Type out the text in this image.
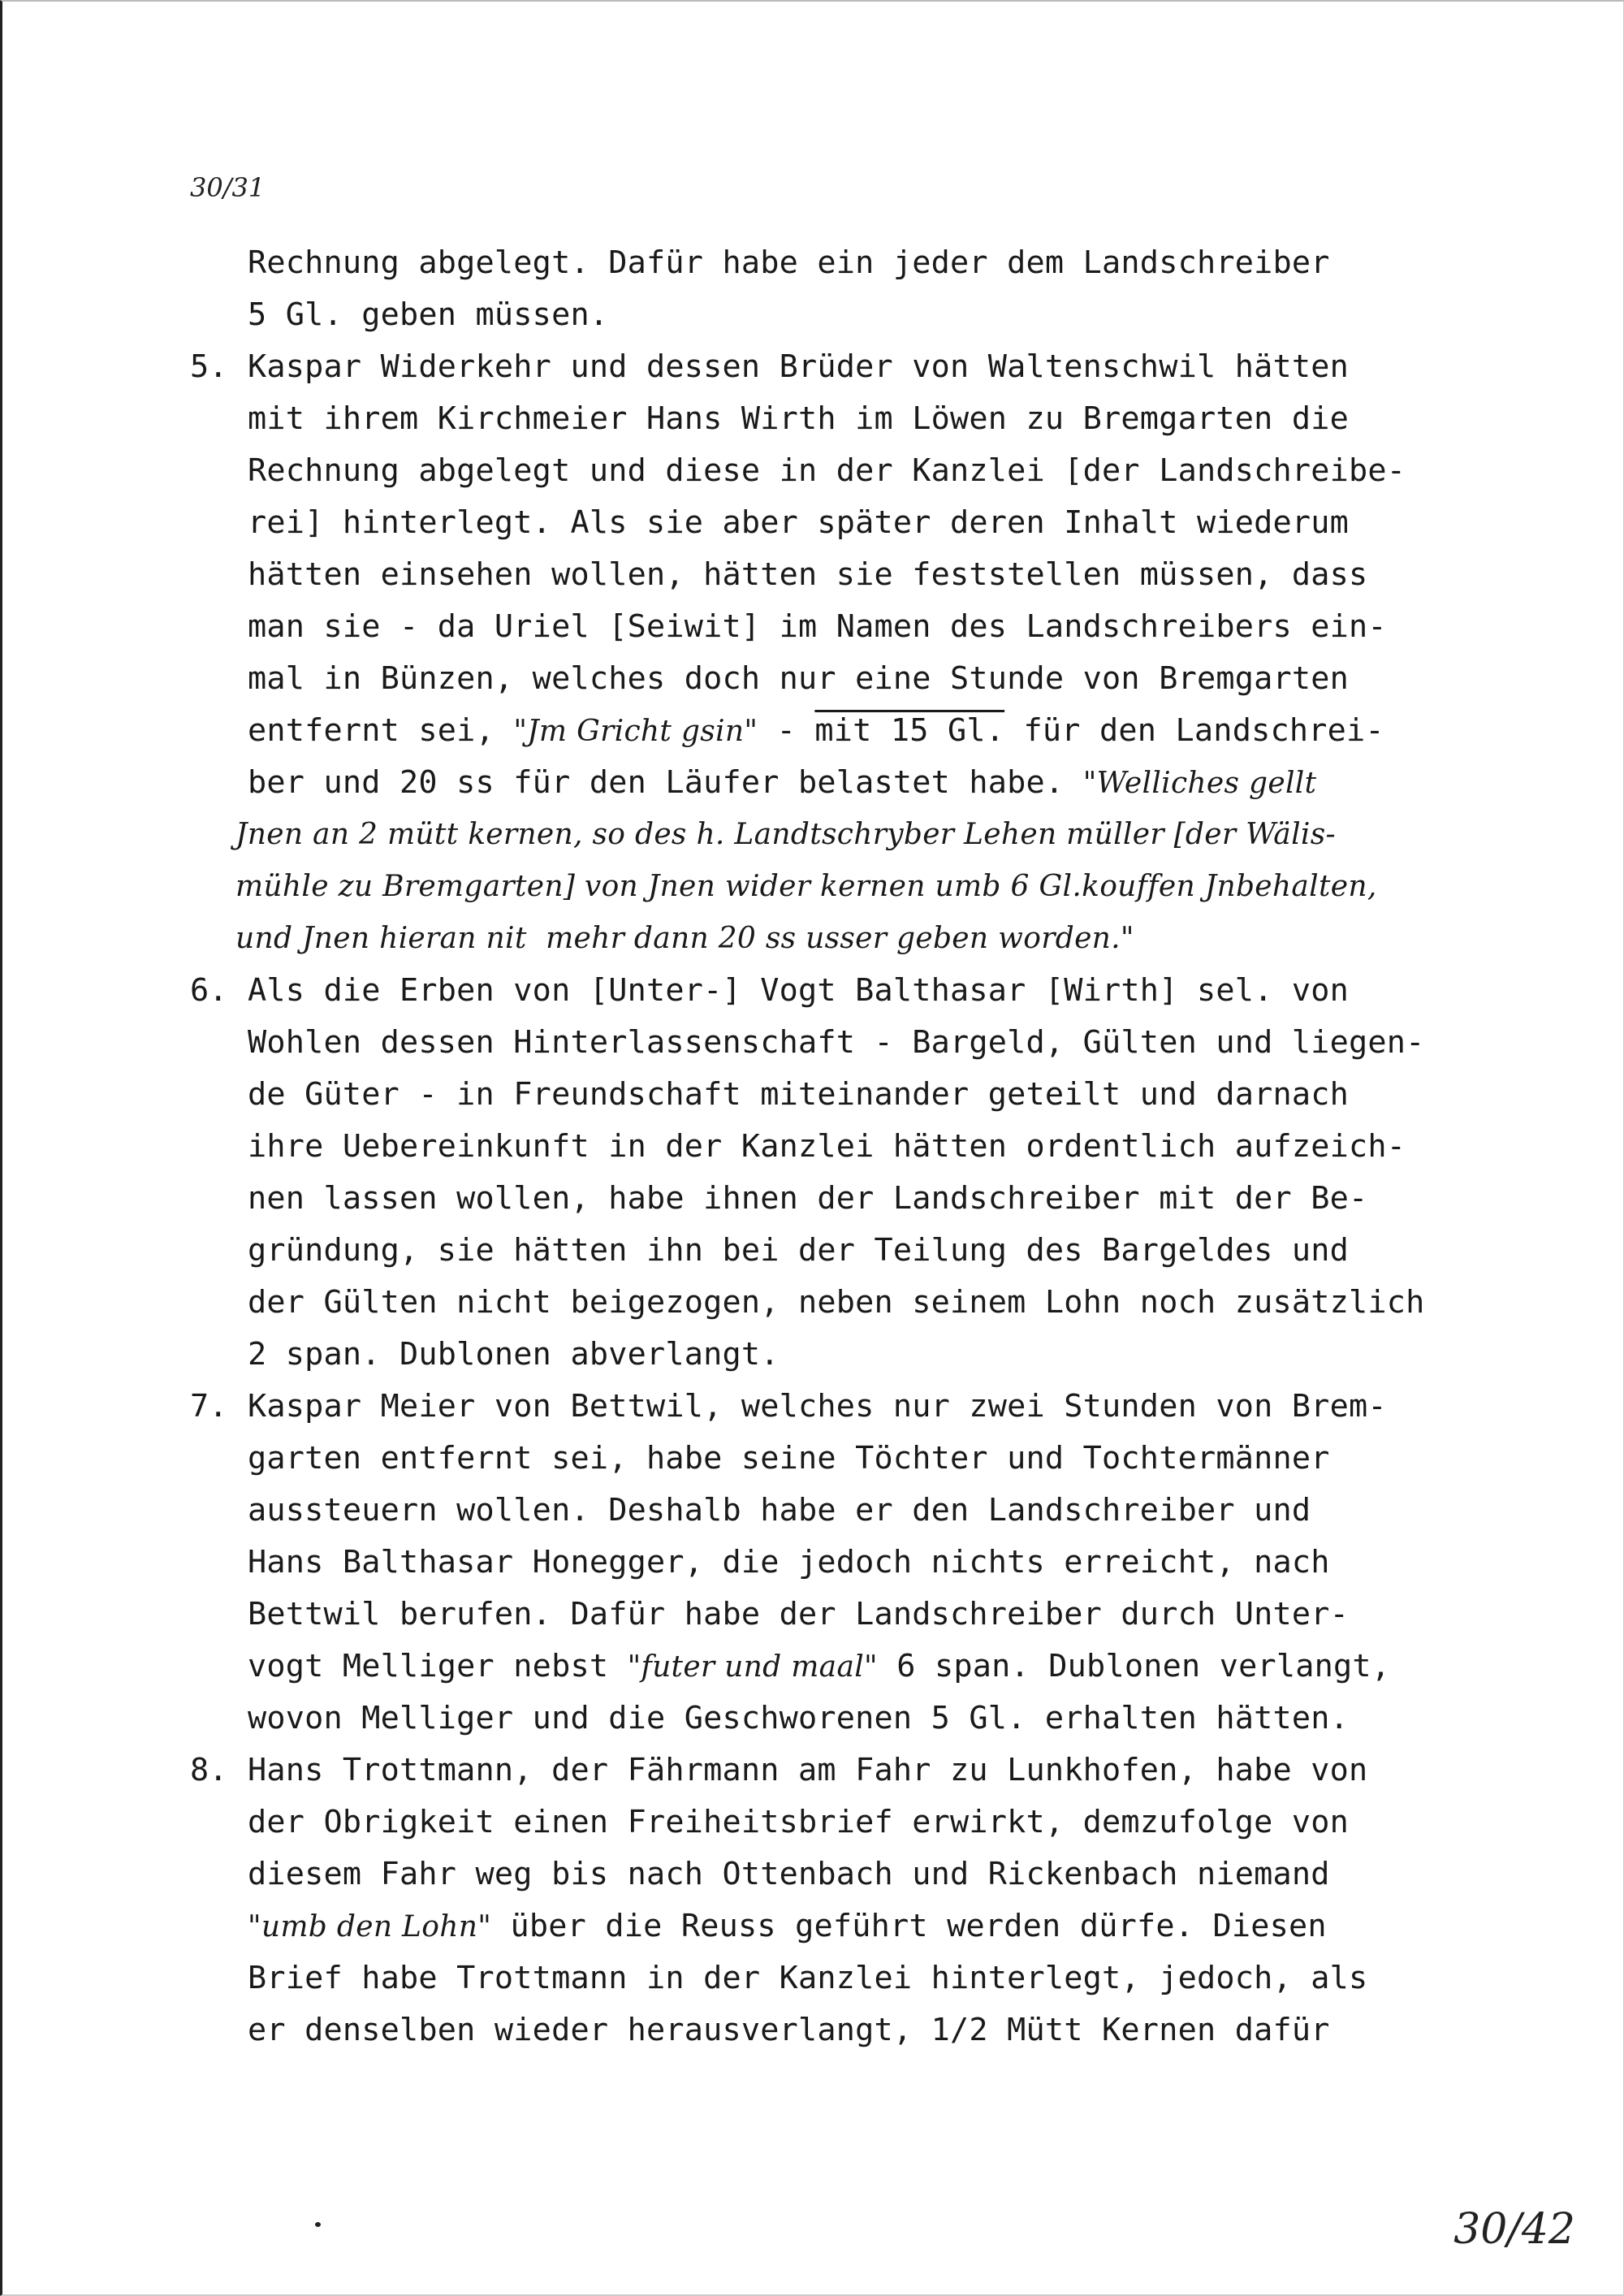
30/31
Rechnung abgelegt. Dafür habe ein jeder dem Landschreiber
5 Gl. geben müssen.
5. Kaspar Widerkehr und dessen Brüder von Waltenschwil hätten
mit ihrem Kirchmeier Hans Wirth im Löwen zu Bremgarten die
Rechnung abgelegt und diese in der Kanzlei [der Landschreibe-
rei] hinterlegt. Als sie aber später deren Inhalt wiederum
hätten einsehen wollen, hätten sie feststellen müssen, dass
man sie - da Uriel [Seiwit] im Namen des Landschreibers ein-
mal in Bünzen, welches doch nur eine Stunde von Bremgarten
entfernt sei, "Jm Gricht gsin" - mit 15 Gl. für den Landschrei-
ber und 20 ss für den Läufer belastet habe. "Welliches gellt
Jnen an 2 mütt kernen, so des h. Landtschryber Lehen müller [der Wälis-
mühle zu Bremgarten] von Jnen wider kernen umb 6 Gl.kouffen Jnbehalten,
und Jnen hieran nit  mehr dann 20 ss usser geben worden."
6. Als die Erben von [Unter-] Vogt Balthasar [Wirth] sel. von
Wohlen dessen Hinterlassenschaft - Bargeld, Gülten und liegen-
de Güter - in Freundschaft miteinander geteilt und darnach
ihre Uebereinkunft in der Kanzlei hätten ordentlich aufzeich-
nen lassen wollen, habe ihnen der Landschreiber mit der Be-
gründung, sie hätten ihn bei der Teilung des Bargeldes und
der Gülten nicht beigezogen, neben seinem Lohn noch zusätzlich
2 span. Dublonen abverlangt.
7. Kaspar Meier von Bettwil, welches nur zwei Stunden von Brem-
garten entfernt sei, habe seine Töchter und Tochtermänner
aussteuern wollen. Deshalb habe er den Landschreiber und
Hans Balthasar Honegger, die jedoch nichts erreicht, nach
Bettwil berufen. Dafür habe der Landschreiber durch Unter-
vogt Melliger nebst "futer und maal" 6 span. Dublonen verlangt,
wovon Melliger und die Geschworenen 5 Gl. erhalten hätten.
8. Hans Trottmann, der Fährmann am Fahr zu Lunkhofen, habe von
der Obrigkeit einen Freiheitsbrief erwirkt, demzufolge von
diesem Fahr weg bis nach Ottenbach und Rickenbach niemand
"umb den Lohn" über die Reuss geführt werden dürfe. Diesen
Brief habe Trottmann in der Kanzlei hinterlegt, jedoch, als
er denselben wieder herausverlangt, 1/2 Mütt Kernen dafür
30/42
